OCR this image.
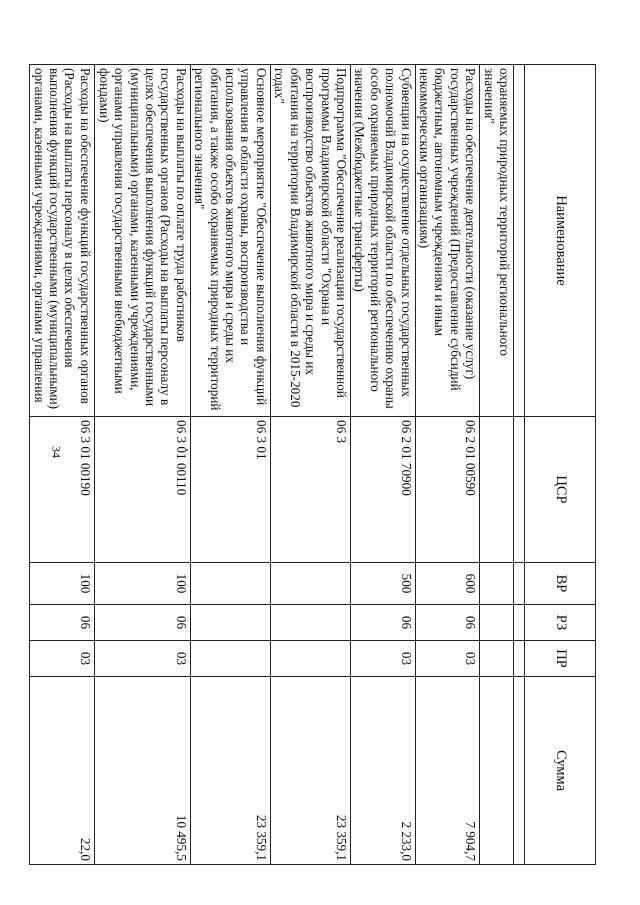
34
Наименование	ЦСР	ВР	РЗ	ПР	Сумма

охраняемых природных территорий регионального значения"					
Расходы на обеспечение деятельности (оказание услуг) государственных учреждений (Предоставление субсидий бюджетным, автономным учреждениям и иным некоммерческим организациям)	06 2 01 00590	600	06	03	7 904,7
Субвенции на осуществление отдельных государственных полномочий Владимирской области по обеспечению охраны особо охраняемых природных территорий регионального значения (Межбюджетные трансферты)	06 2 01 70900	500	06	03	2 233,0
Подпрограмма "Обеспечение реализации государственной программы Владимирской области "Охрана и воспроизводство объектов животного мира и среды их обитания на территории Владимирской области в 2015-2020 годах"	06 3				23 359,1
Основное мероприятие "Обеспечение выполнения функций управления в области охраны, воспроизводства и использования объектов животного мира и среды их обитания, а также особо охраняемых природных территорий регионального значения"	06 3 01				23 359,1
Расходы на выплаты по оплате труда работников государственных органов (Расходы на выплаты персоналу в целях обеспечения выполнения функций государственными (муниципальными) органами, казенными учреждениями, органами управления государственными внебюджетными фондами)	06 3 01 00110	100	06	03	10 495,5
Расходы на обеспечение функций государственных органов (Расходы на выплаты персоналу в целях обеспечения выполнения функций государственными (муниципальными) органами, казенными учреждениями, органами управления	06 3 01 00190	100	06	03	22,0
